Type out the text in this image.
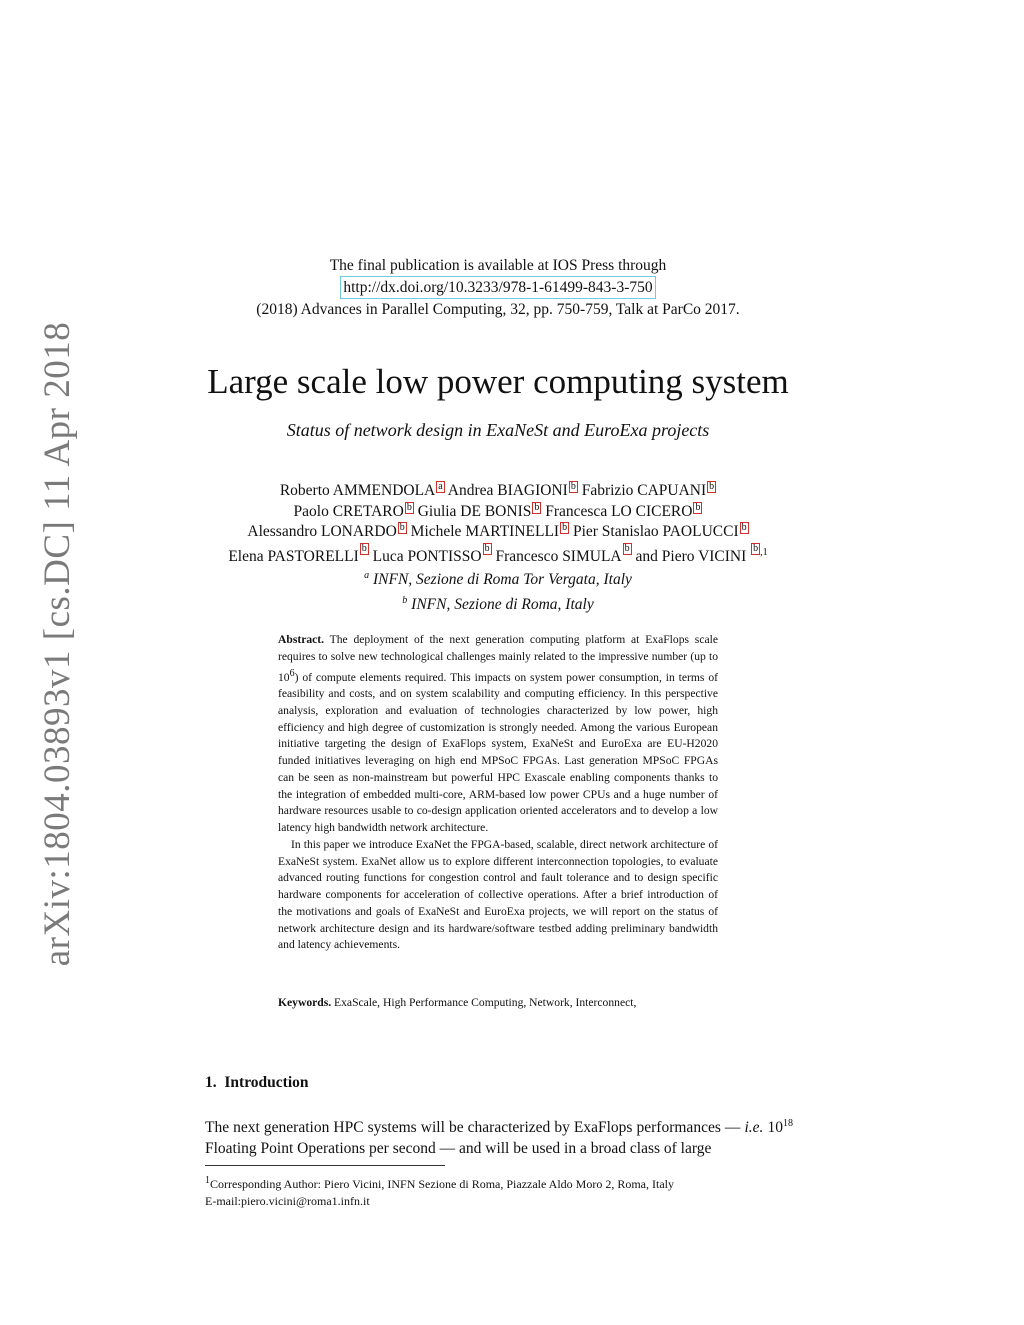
arXiv:1804.03893v1 [cs.DC] 11 Apr 2018
The final publication is available at IOS Press through
http://dx.doi.org/10.3233/978-1-61499-843-3-750
(2018) Advances in Parallel Computing, 32, pp. 750-759, Talk at ParCo 2017.
Large scale low power computing system
Status of network design in ExaNeSt and EuroExa projects
Roberto AMMENDOLA a Andrea BIAGIONI b Fabrizio CAPUANI b
Paolo CRETARO b Giulia DE BONIS b Francesca LO CICERO b
Alessandro LONARDO b Michele MARTINELLI b Pier Stanislao PAOLUCCI b
Elena PASTORELLI b Luca PONTISSO b Francesco SIMULA b and Piero VICINI b $^{,1}$
$^a$ INFN, Sezione di Roma Tor Vergata, Italy
$^b$ INFN, Sezione di Roma, Italy

Abstract. The deployment of the next generation computing platform at ExaFlops scale requires to solve new technological challenges mainly related to the impressive number (up to $10^6$) of compute elements required. This impacts on system power consumption, in terms of feasibility and costs, and on system scalability and computing efficiency. In this perspective analysis, exploration and evaluation of technologies characterized by low power, high efficiency and high degree of customization is strongly needed. Among the various European initiative targeting the design of ExaFlops system, ExaNeSt and EuroExa are EU-H2020 funded initiatives leveraging on high end MPSoC FPGAs. Last generation MPSoC FPGAs can be seen as non-mainstream but powerful HPC Exascale enabling components thanks to the integration of embedded multi-core, ARM-based low power CPUs and a huge number of hardware resources usable to co-design application oriented accelerators and to develop a low latency high bandwidth network architecture.

In this paper we introduce ExaNet the FPGA-based, scalable, direct network architecture of ExaNeSt system. ExaNet allow us to explore different interconnection topologies, to evaluate advanced routing functions for congestion control and fault tolerance and to design specific hardware components for acceleration of collective operations. After a brief introduction of the motivations and goals of ExaNeSt and EuroExa projects, we will report on the status of network architecture design and its hardware/software testbed adding preliminary bandwidth and latency achievements.

Keywords. ExaScale, High Performance Computing, Network, Interconnect,
1. Introduction
The next generation HPC systems will be characterized by ExaFlops performances — i.e. $10^{18}$ Floating Point Operations per second — and will be used in a broad class of large
$^1$Corresponding Author: Piero Vicini, INFN Sezione di Roma, Piazzale Aldo Moro 2, Roma, Italy
E-mail:piero.vicini@roma1.infn.it
